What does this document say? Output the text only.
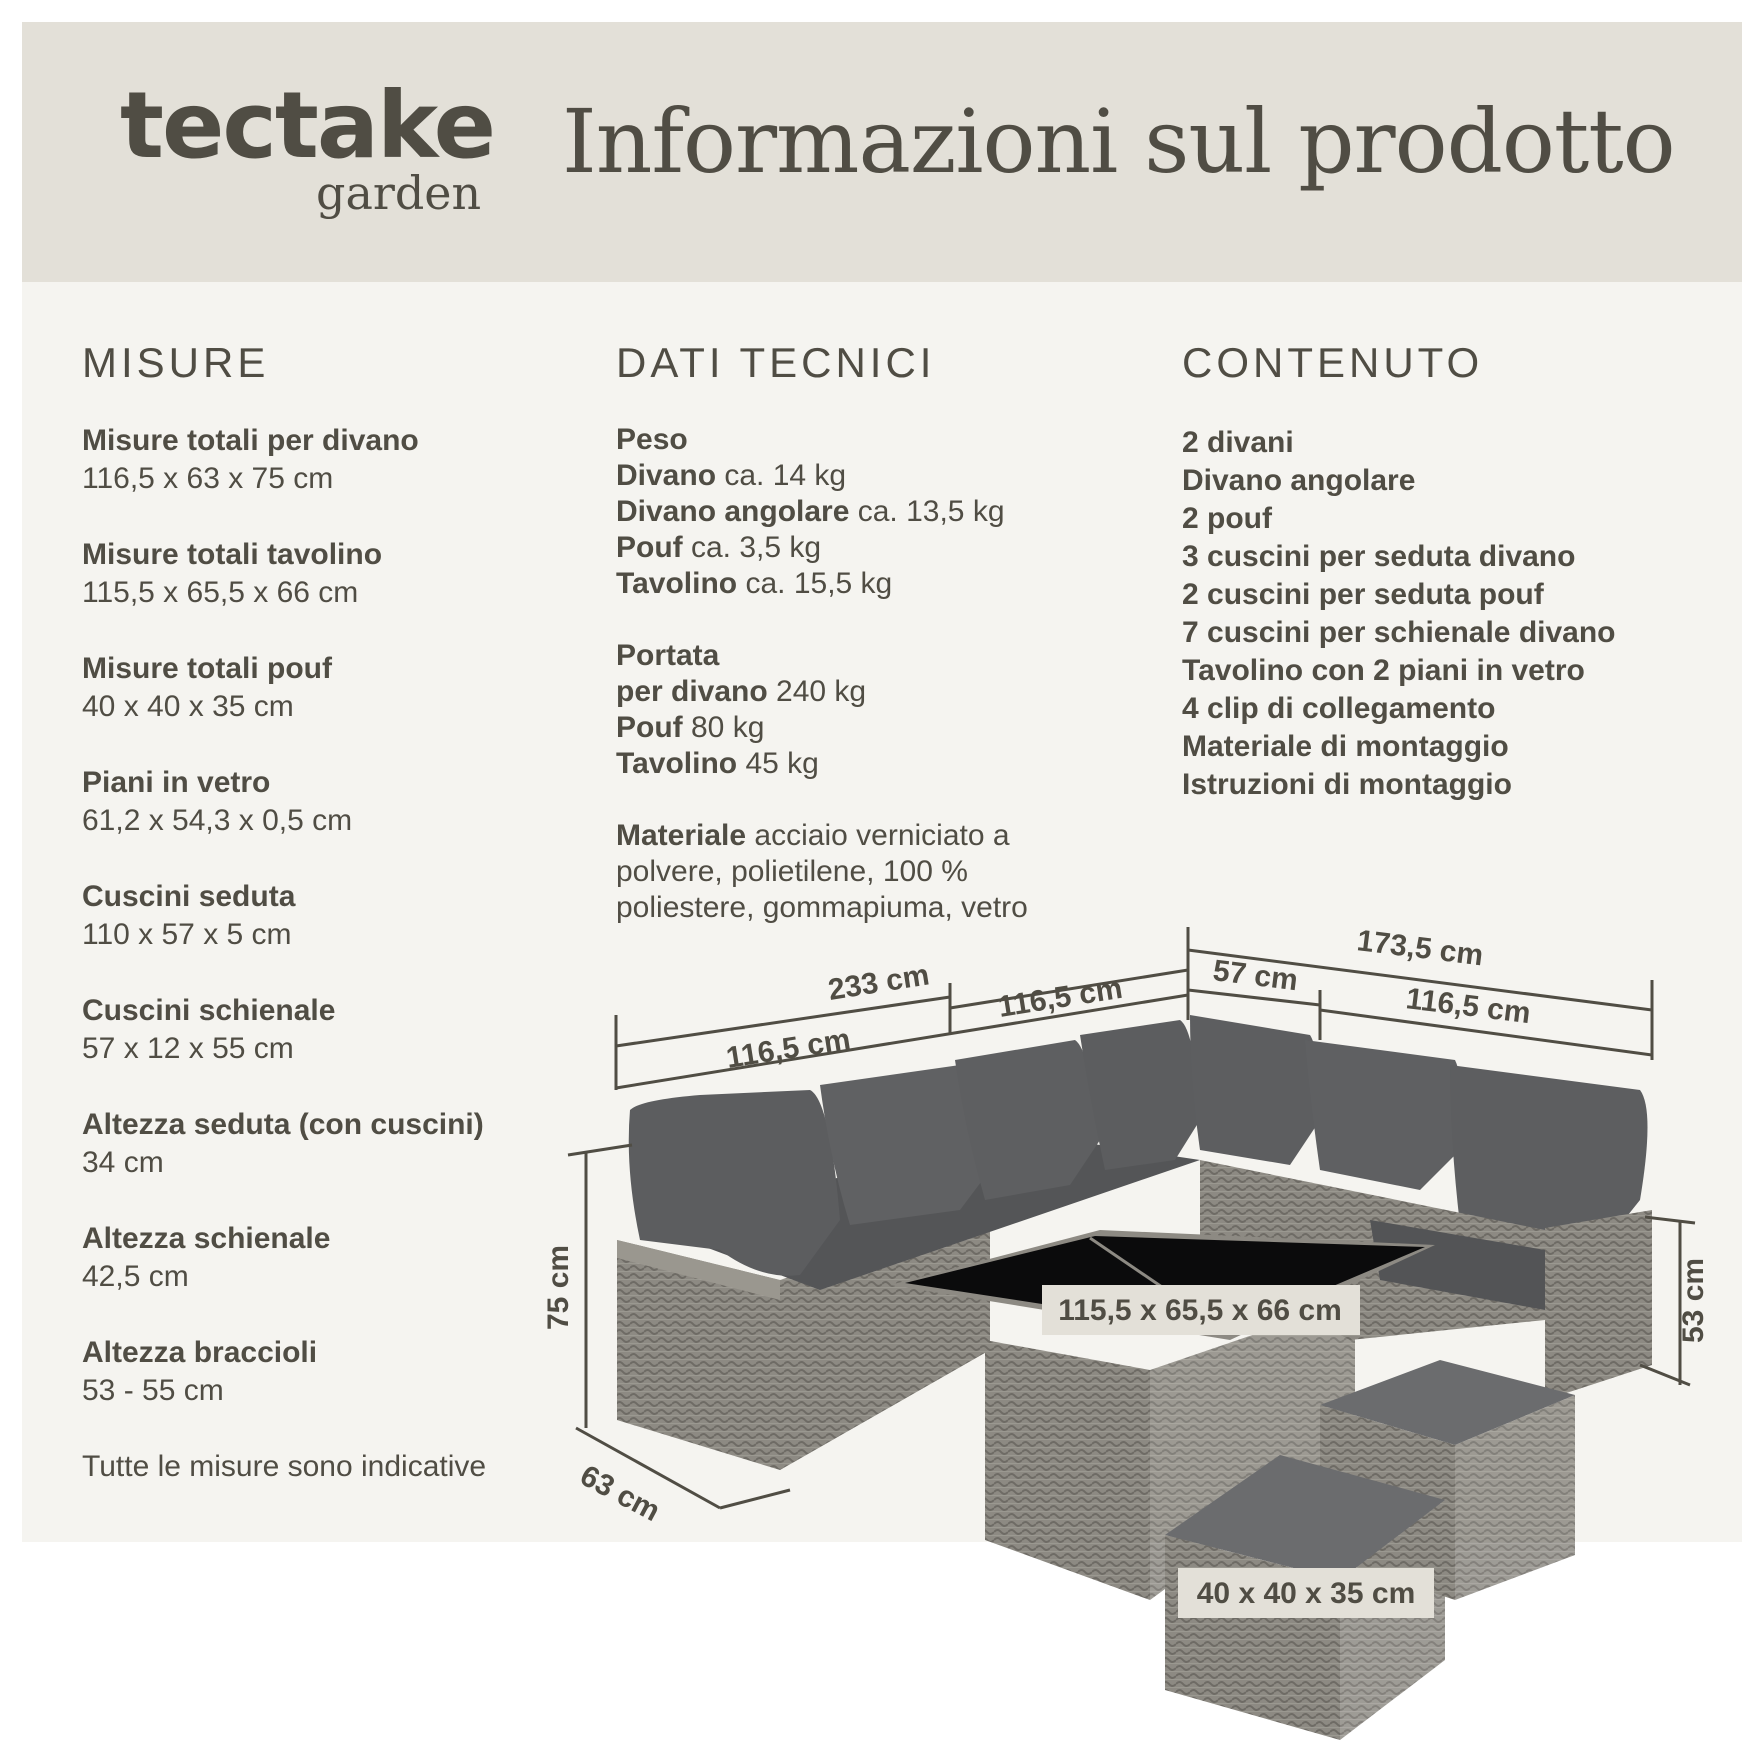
tectake
garden Informazioni sul prodotto
MISURE	DATI TECNICI	CONTENUTO
Misure totali per divano
116,5 x 63 x 75 cm
Misure totali tavolino
115,5 x 65,5 x 66 cm
Misure totali pouf
40 x 40 x 35 cm
Piani in vetro
61,2 x 54,3 x 0,5 cm
Cuscini seduta
110 x 57 x 5 cm
Cuscini schienale
57 x 12 x 55 cm
Altezza seduta (con cuscini)
34 cm
Altezza schienale
42,5 cm
Altezza braccioli
53 - 55 cm
Tutte le misure sono indicative
Peso
Divano ca. 14 kg
Divano angolare ca. 13,5 kg
Pouf ca. 3,5 kg
Tavolino ca. 15,5 kg
Portata
per divano 240 kg
Pouf 80 kg
Tavolino 45 kg
Materiale acciaio verniciato a
polvere, polietilene, 100 %
poliestere, gommapiuma, vetro
2 divani
Divano angolare
2 pouf
3 cuscini per seduta divano
2 cuscini per seduta pouf
7 cuscini per schienale divano
Tavolino con 2 piani in vetro
4 clip di collegamento
Materiale di montaggio
Istruzioni di montaggio
233 cm
116,5 cm
116,5 cm
173,5 cm
57 cm
116,5 cm
75 cm
63 cm
53 cm
115,5 x 65,5 x 66 cm
40 x 40 x 35 cm
